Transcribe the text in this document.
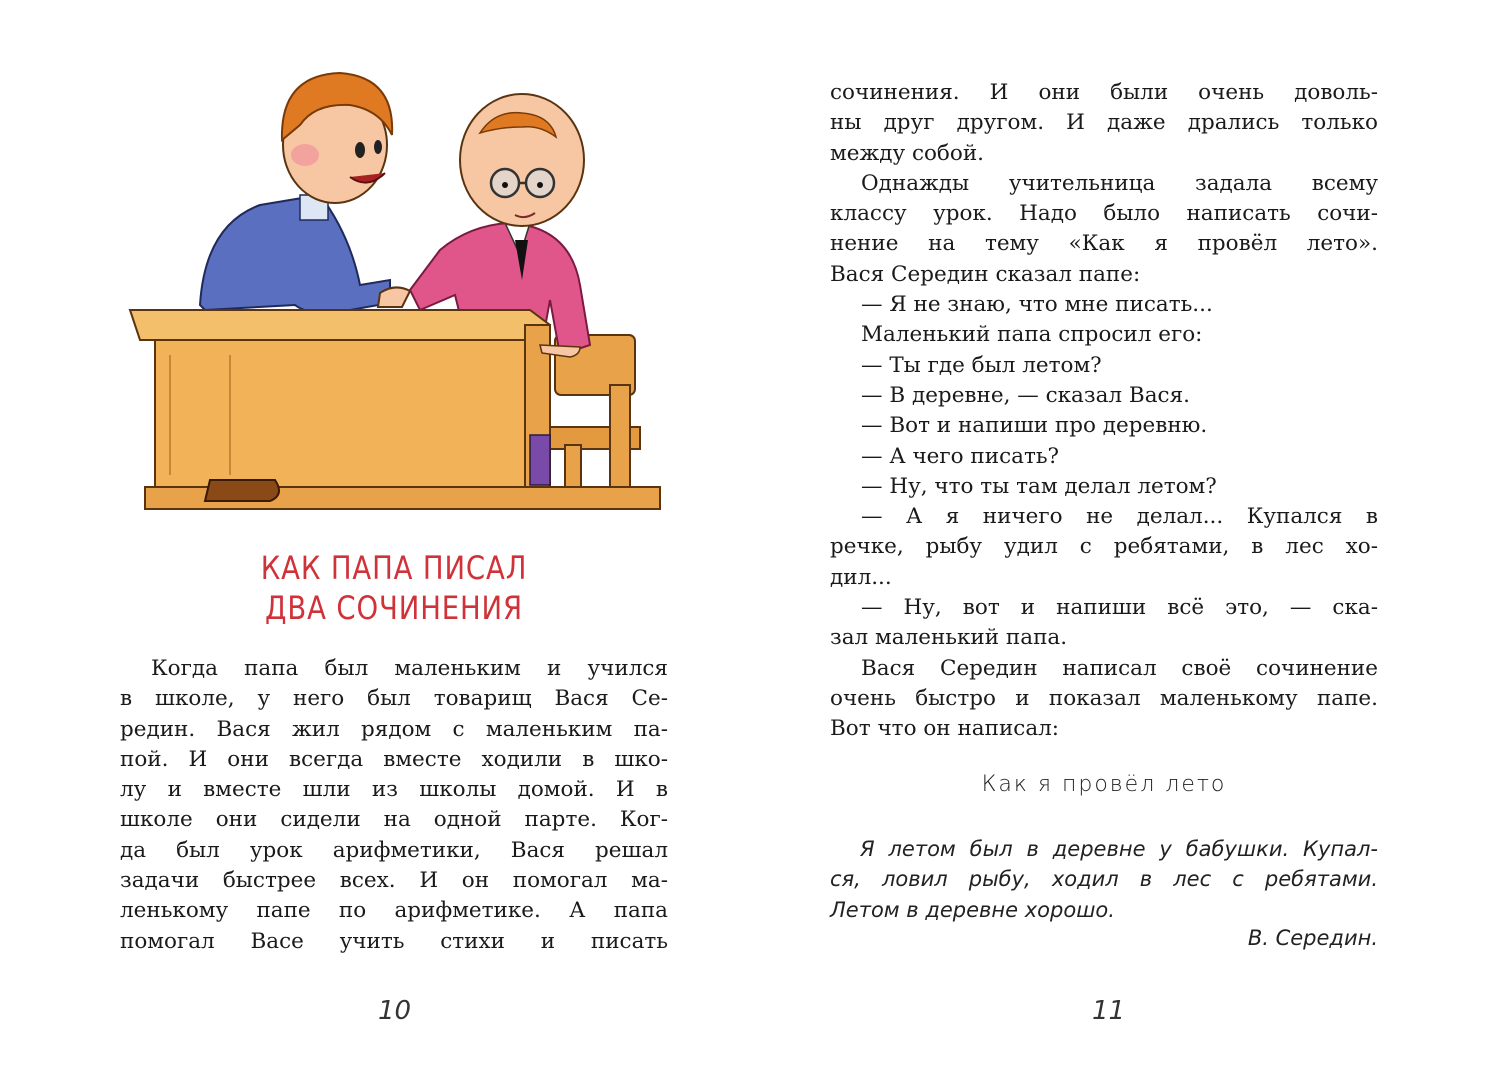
КАК ПАПА ПИСАЛ
ДВА СОЧИНЕНИЯ
Когда папа был маленьким и учился
в школе, у него был товарищ Вася Се-
редин. Вася жил рядом с маленьким па-
пой. И они всегда вместе ходили в шко-
лу и вместе шли из школы домой. И в
школе они сидели на одной парте. Ког-
да был урок арифметики, Вася решал
задачи быстрее всех. И он помогал ма-
ленькому папе по арифметике. А папа
помогал Васе учить стихи и писать
10
сочинения. И они были очень доволь-
ны друг другом. И даже дрались только
между собой.
Однажды учительница задала всему
классу урок. Надо было написать сочи-
нение на тему «Как я провёл лето».
Вася Середин сказал папе:
— Я не знаю, что мне писать...
Маленький папа спросил его:
— Ты где был летом?
— В деревне, — сказал Вася.
— Вот и напиши про деревню.
— А чего писать?
— Ну, что ты там делал летом?
— А я ничего не делал... Купался в
речке, рыбу удил с ребятами, в лес хо-
дил...
— Ну, вот и напиши всё это, — ска-
зал маленький папа.
Вася Середин написал своё сочинение
очень быстро и показал маленькому папе.
Вот что он написал:
Как я провёл лето
Я летом был в деревне у бабушки. Купал-
ся, ловил рыбу, ходил в лес с ребятами.
Летом в деревне хорошо.
В. Середин.
11
